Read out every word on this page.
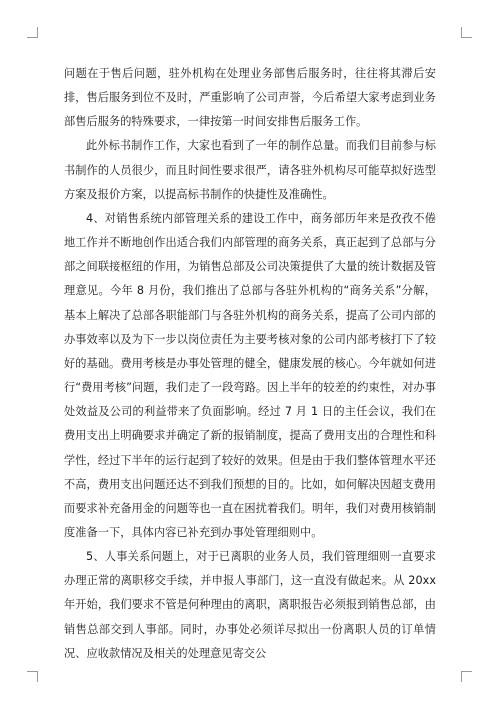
问题在于售后问题，驻外机构在处理业务部售后服务时，往往将其滞后安排，售后服务到位不及时，严重影响了公司声誉，今后希望大家考虑到业务部售后服务的特殊要求，一律按第一时间安排售后服务工作。

此外标书制作工作，大家也看到了一年的制作总量。而我们目前参与标书制作的人员很少，而且时间性要求很严，请各驻外机构尽可能草拟好选型方案及报价方案，以提高标书制作的快捷性及准确性。

4、对销售系统内部管理关系的建设工作中，商务部历年来是孜孜不倦地工作并不断地创作出适合我们内部管理的商务关系，真正起到了总部与分部之间联接枢纽的作用，为销售总部及公司决策提供了大量的统计数据及管理意见。今年 8 月份，我们推出了总部与各驻外机构的“商务关系”分解，基本上解决了总部各职能部门与各驻外机构的商务关系，提高了公司内部的办事效率以及为下一步以岗位责任为主要考核对象的公司内部考核打下了较好的基础。费用考核是办事处管理的健全，健康发展的核心。今年就如何进行“费用考核”问题，我们走了一段弯路。因上半年的较差的约束性，对办事处效益及公司的利益带来了负面影响。经过 7 月 1 日的主任会议，我们在费用支出上明确要求并确定了新的报销制度，提高了费用支出的合理性和科学性，经过下半年的运行起到了较好的效果。但是由于我们整体管理水平还不高，费用支出问题还达不到我们预想的目的。比如，如何解决因超支费用而要求补充备用金的问题等也一直在困扰着我们。明年，我们对费用核销制度准备一下，具体内容已补充到办事处管理细则中。

5、人事关系问题上，对于已离职的业务人员，我们管理细则一直要求办理正常的离职移交手续，并申报人事部门，这一直没有做起来。从 20xx 年开始，我们要求不管是何种理由的离职，离职报告必须报到销售总部，由销售总部交到人事部。同时，办事处必须详尽拟出一份离职人员的订单情况、应收款情况及相关的处理意见寄交公
